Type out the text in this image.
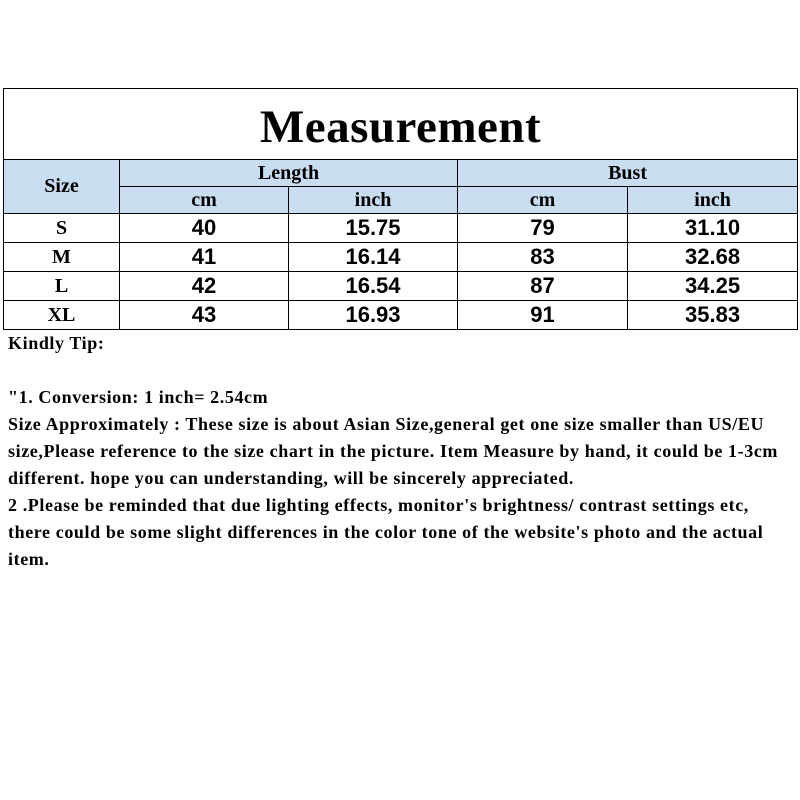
Measurement				
Size	Length		Bust	
	cm	inch	cm	inch
S	40	15.75	79	31.10
M	41	16.14	83	32.68
L	42	16.54	87	34.25
XL	43	16.93	91	35.83

Kindly Tip:

"1. Conversion: 1 inch= 2.54cm

Size Approximately : These size is about Asian Size,general get one size smaller than US/EU size,Please reference to the size chart in the picture. Item Measure by hand, it could be 1-3cm different. hope you can understanding, will be sincerely appreciated.

2 .Please be reminded that due lighting effects, monitor's brightness/ contrast settings etc, there could be some slight differences in the color tone of the website's photo and the actual item.
